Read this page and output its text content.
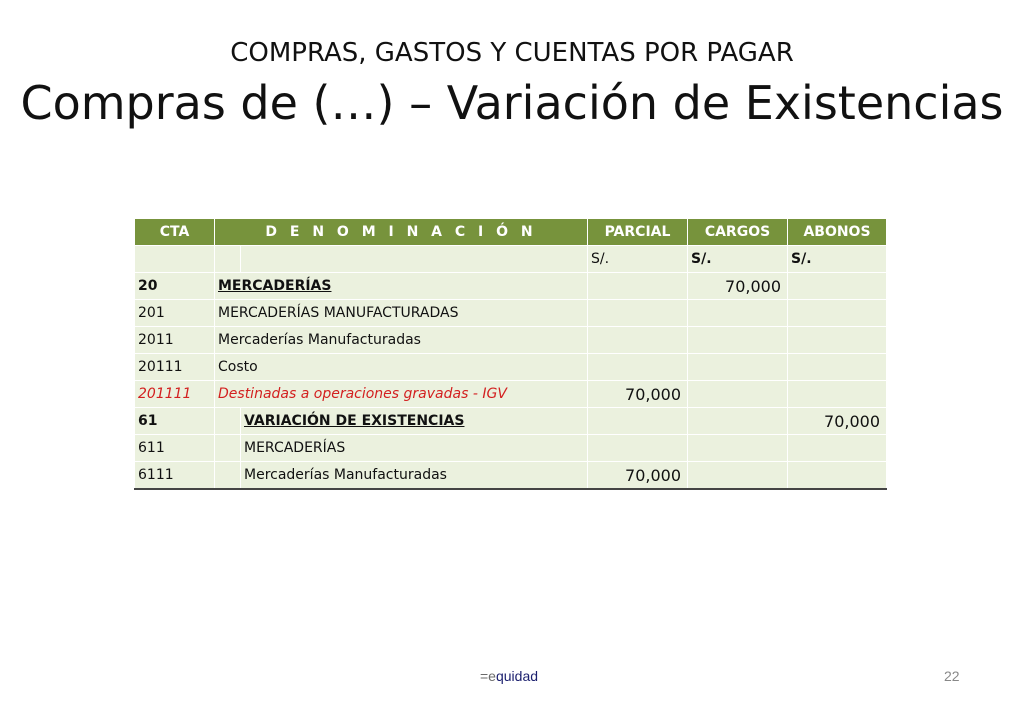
COMPRAS, GASTOS Y CUENTAS POR PAGAR
Compras de (…) – Variación de Existencias
CTA	D E N O M I N A C I Ó N		PARCIAL	CARGOS	ABONOS
			S/.	S/.	S/.
20	MERCADERÍAS			70,000	
201	MERCADERÍAS MANUFACTURADAS				
2011	Mercaderías Manufacturadas				
20111	Costo				
201111	Destinadas a operaciones gravadas - IGV		70,000		
61		VARIACIÓN DE EXISTENCIAS			70,000
611		MERCADERÍAS			
6111		Mercaderías Manufacturadas	70,000		
=equidad	22
